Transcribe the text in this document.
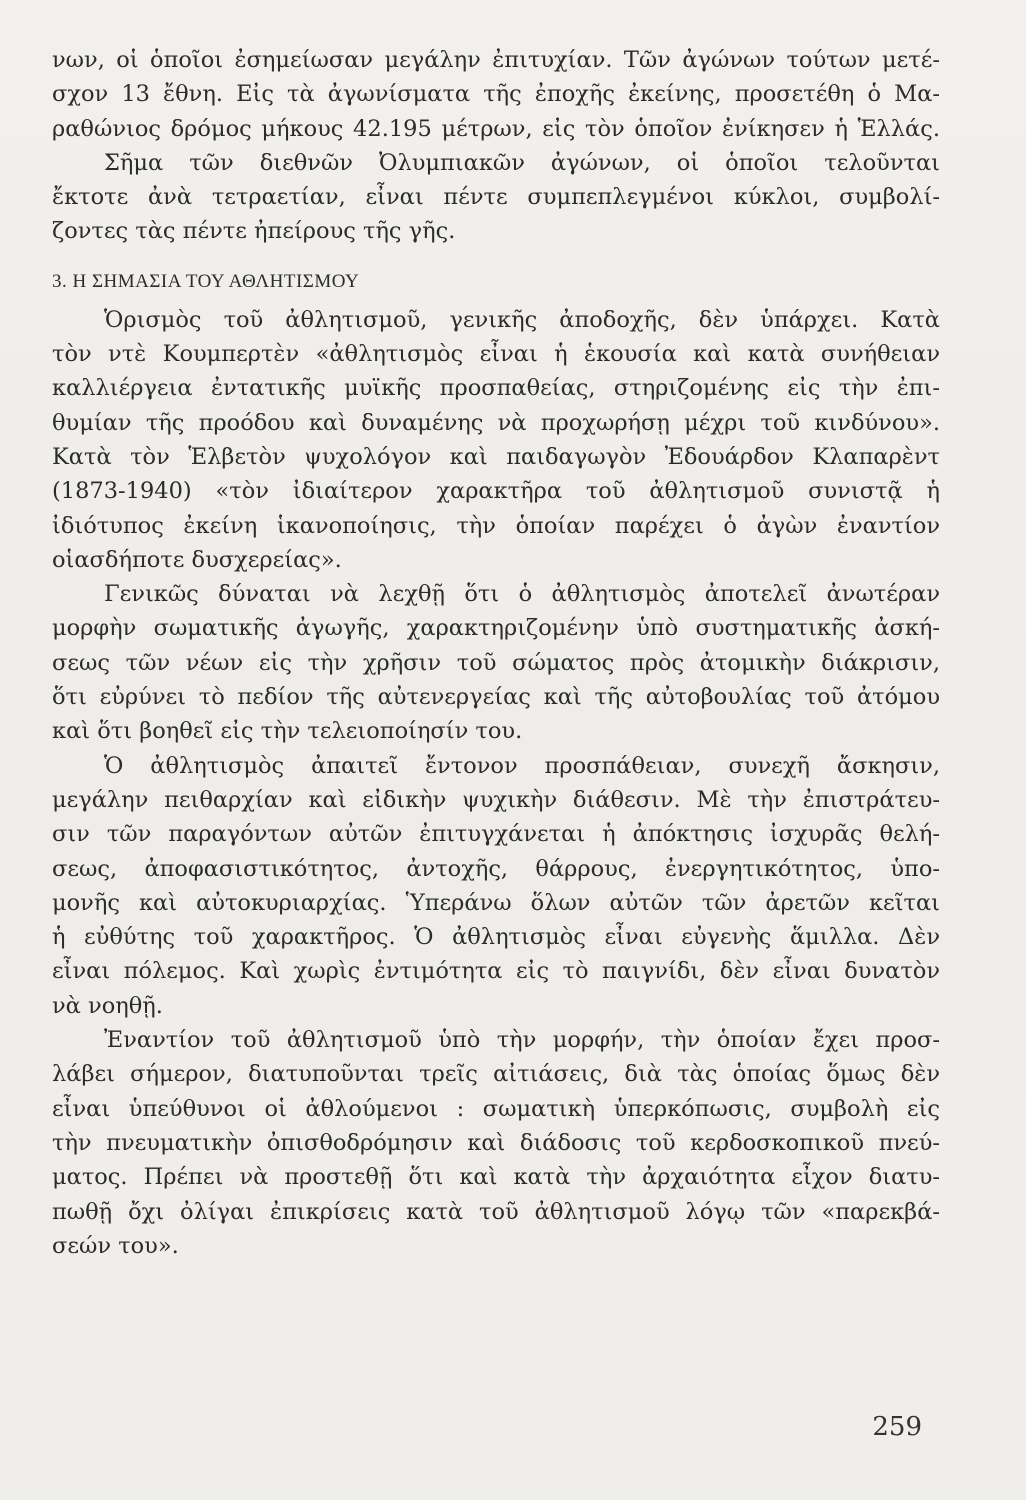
νων, οἱ ὁποῖοι ἐσημείωσαν μεγάλην ἐπιτυχίαν. Τῶν ἀγώνων τούτων μετέ-
σχον 13 ἔθνη. Εἰς τὰ ἀγωνίσματα τῆς ἐποχῆς ἐκείνης, προσετέθη ὁ Μα-
ραθώνιος δρόμος μήκους 42.195 μέτρων, εἰς τὸν ὁποῖον ἐνίκησεν ἡ Ἑλλάς.
Σῆμα τῶν διεθνῶν Ὀλυμπιακῶν ἀγώνων, οἱ ὁποῖοι τελοῦνται
ἔκτοτε ἀνὰ τετραετίαν, εἶναι πέντε συμπεπλεγμένοι κύκλοι, συμβολί-
ζοντες τὰς πέντε ἠπείρους τῆς γῆς.
3. Η ΣΗΜΑΣΙΑ ΤΟΥ ΑΘΛΗΤΙΣΜΟΥ
Ὁρισμὸς τοῦ ἀθλητισμοῦ, γενικῆς ἀποδοχῆς, δὲν ὑπάρχει. Κατὰ
τὸν ντὲ Κουμπερτὲν «ἀθλητισμὸς εἶναι ἡ ἑκουσία καὶ κατὰ συνήθειαν
καλλιέργεια ἐντατικῆς μυϊκῆς προσπαθείας, στηριζομένης εἰς τὴν ἐπι-
θυμίαν τῆς προόδου καὶ δυναμένης νὰ προχωρήσῃ μέχρι τοῦ κινδύνου».
Κατὰ τὸν Ἑλβετὸν ψυχολόγον καὶ παιδαγωγὸν Ἐδουάρδον Κλαπαρὲντ
(1873-1940) «τὸν ἰδιαίτερον χαρακτῆρα τοῦ ἀθλητισμοῦ συνιστᾷ ἡ
ἰδιότυπος ἐκείνη ἱκανοποίησις, τὴν ὁποίαν παρέχει ὁ ἀγὼν ἐναντίον
οἱασδήποτε δυσχερείας».
Γενικῶς δύναται νὰ λεχθῇ ὅτι ὁ ἀθλητισμὸς ἀποτελεῖ ἀνωτέραν
μορφὴν σωματικῆς ἀγωγῆς, χαρακτηριζομένην ὑπὸ συστηματικῆς ἀσκή-
σεως τῶν νέων εἰς τὴν χρῆσιν τοῦ σώματος πρὸς ἀτομικὴν διάκρισιν,
ὅτι εὐρύνει τὸ πεδίον τῆς αὐτενεργείας καὶ τῆς αὐτοβουλίας τοῦ ἀτόμου
καὶ ὅτι βοηθεῖ εἰς τὴν τελειοποίησίν του.
Ὁ ἀθλητισμὸς ἀπαιτεῖ ἔντονον προσπάθειαν, συνεχῆ ἄσκησιν,
μεγάλην πειθαρχίαν καὶ εἰδικὴν ψυχικὴν διάθεσιν. Μὲ τὴν ἐπιστράτευ-
σιν τῶν παραγόντων αὐτῶν ἐπιτυγχάνεται ἡ ἀπόκτησις ἰσχυρᾶς θελή-
σεως, ἀποφασιστικότητος, ἀντοχῆς, θάρρους, ἐνεργητικότητος, ὑπο-
μονῆς καὶ αὐτοκυριαρχίας. Ὑπεράνω ὅλων αὐτῶν τῶν ἀρετῶν κεῖται
ἡ εὐθύτης τοῦ χαρακτῆρος. Ὁ ἀθλητισμὸς εἶναι εὐγενὴς ἅμιλλα. Δὲν
εἶναι πόλεμος. Καὶ χωρὶς ἐντιμότητα εἰς τὸ παιγνίδι, δὲν εἶναι δυνατὸν
νὰ νοηθῇ.
Ἐναντίον τοῦ ἀθλητισμοῦ ὑπὸ τὴν μορφήν, τὴν ὁποίαν ἔχει προσ-
λάβει σήμερον, διατυποῦνται τρεῖς αἰτιάσεις, διὰ τὰς ὁποίας ὅμως δὲν
εἶναι ὑπεύθυνοι οἱ ἀθλούμενοι : σωματικὴ ὑπερκόπωσις, συμβολὴ εἰς
τὴν πνευματικὴν ὀπισθοδρόμησιν καὶ διάδοσις τοῦ κερδοσκοπικοῦ πνεύ-
ματος. Πρέπει νὰ προστεθῇ ὅτι καὶ κατὰ τὴν ἀρχαιότητα εἶχον διατυ-
πωθῇ ὄχι ὀλίγαι ἐπικρίσεις κατὰ τοῦ ἀθλητισμοῦ λόγῳ τῶν «παρεκβά-
σεών του».
259
